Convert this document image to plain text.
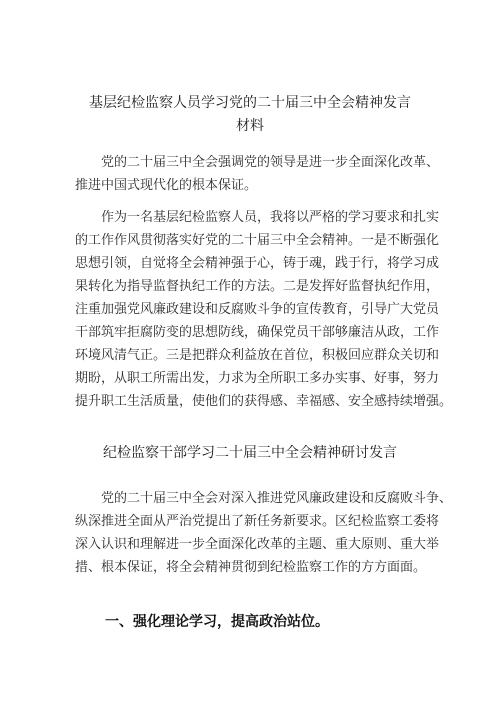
基层纪检监察人员学习党的二十届三中全会精神发言
材料
党的二十届三中全会强调党的领导是进一步全面深化改革、
推进中国式现代化的根本保证。
作为一名基层纪检监察人员，我将以严格的学习要求和扎实
的工作作风贯彻落实好党的二十届三中全会精神。一是不断强化
思想引领，自觉将全会精神强于心，铸于魂，践于行，将学习成
果转化为指导监督执纪工作的方法。二是发挥好监督执纪作用，
注重加强党风廉政建设和反腐败斗争的宣传教育，引导广大党员
干部筑牢拒腐防变的思想防线，确保党员干部够廉洁从政，工作
环境风清气正。三是把群众利益放在首位，积极回应群众关切和
期盼，从职工所需出发，力求为全所职工多办实事、好事，努力
提升职工生活质量，使他们的获得感、幸福感、安全感持续增强。
纪检监察干部学习二十届三中全会精神研讨发言
党的二十届三中全会对深入推进党风廉政建设和反腐败斗争、
纵深推进全面从严治党提出了新任务新要求。区纪检监察工委将
深入认识和理解进一步全面深化改革的主题、重大原则、重大举
措、根本保证，将全会精神贯彻到纪检监察工作的方方面面。
一、强化理论学习，提高政治站位。
